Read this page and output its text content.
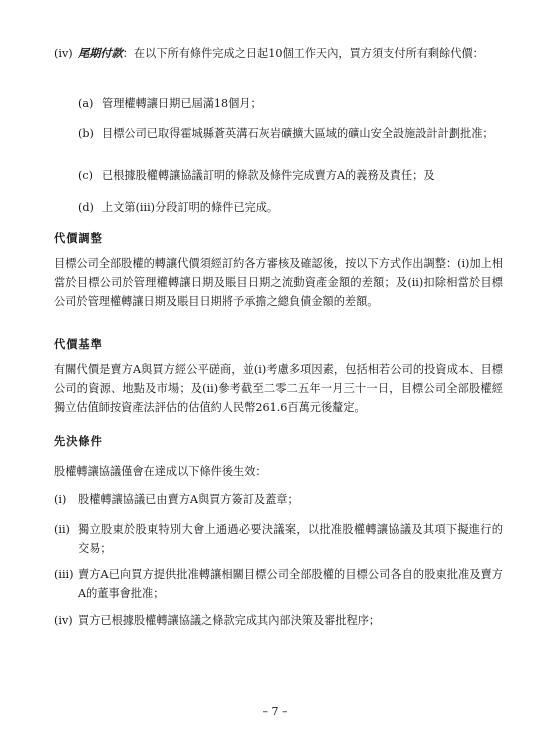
(iv) 尾期付款：在以下所有條件完成之日起10個工作天內，買方須支付所有剩餘代價：
(a) 管理權轉讓日期已屆滿18個月；
(b) 目標公司已取得霍城縣蒼英溝石灰岩礦擴大區域的礦山安全設施設計計劃批准；
(c) 已根據股權轉讓協議訂明的條款及條件完成賣方A的義務及責任；及
(d) 上文第(iii)分段訂明的條件已完成。
代價調整
目標公司全部股權的轉讓代價須經訂約各方審核及確認後，按以下方式作出調整：(i)加上相當於目標公司於管理權轉讓日期及賬目日期之流動資產金額的差額；及(ii)扣除相當於目標公司於管理權轉讓日期及賬目日期將予承擔之總負債金額的差額。
代價基準
有關代價是賣方A與買方經公平磋商，並(i)考慮多項因素，包括相若公司的投資成本、目標公司的資源、地點及市場；及(ii)參考截至二零二五年一月三十一日，目標公司全部股權經獨立估值師按資產法評估的估值約人民幣261.6百萬元後釐定。
先決條件
股權轉讓協議僅會在達成以下條件後生效：
(i)	股權轉讓協議已由賣方A與買方簽訂及蓋章；
(ii) 獨立股東於股東特別大會上通過必要決議案，以批准股權轉讓協議及其項下擬進行的交易；
(iii) 賣方A已向買方提供批准轉讓相關目標公司全部股權的目標公司各自的股東批准及賣方A的董事會批准；
(iv) 買方已根據股權轉讓協議之條款完成其內部決策及審批程序；
– 7 –
